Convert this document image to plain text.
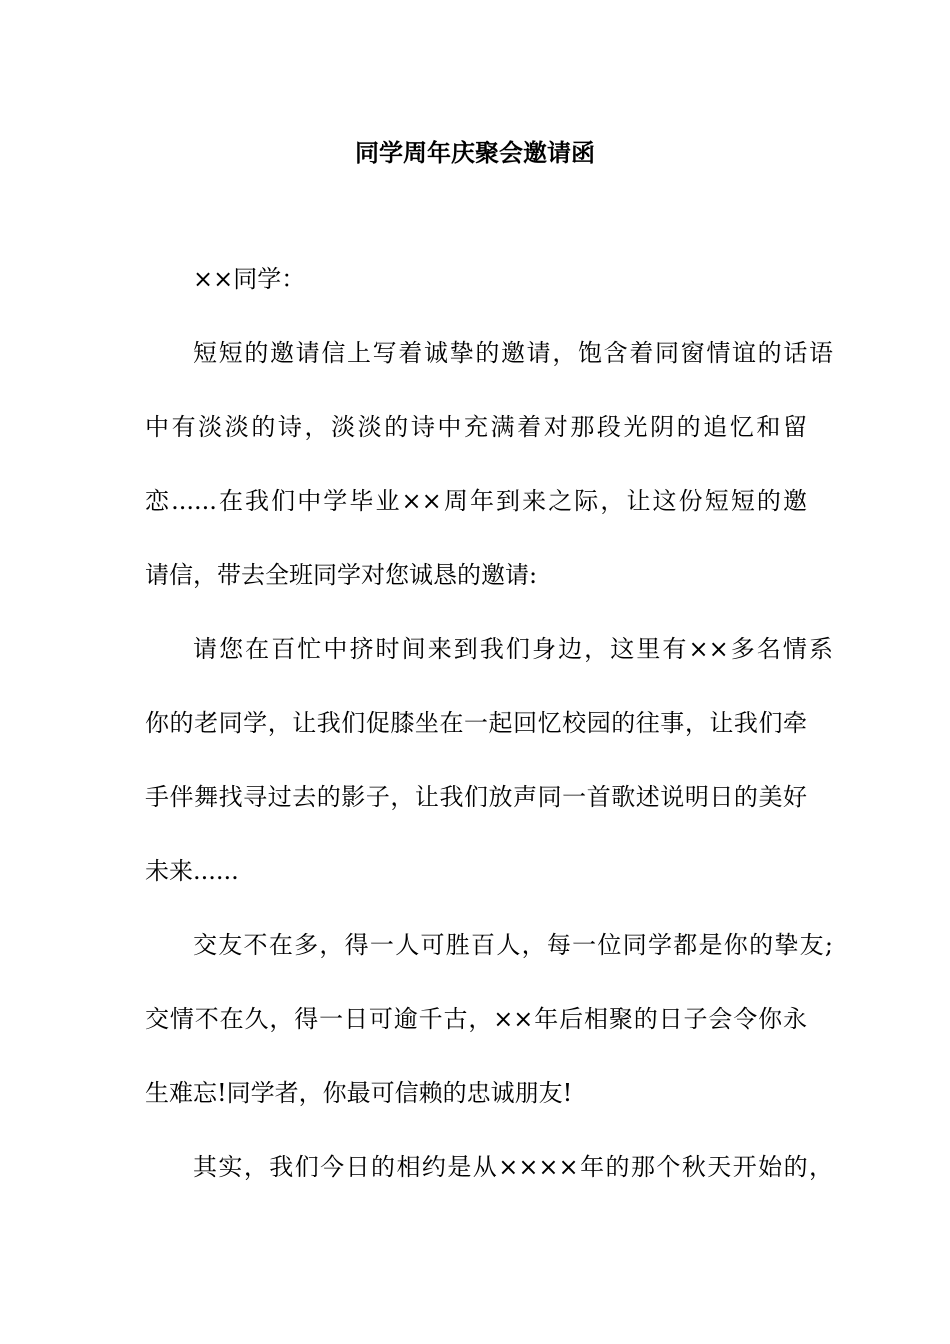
同学周年庆聚会邀请函
××同学：
短短的邀请信上写着诚挚的邀请，饱含着同窗情谊的话语
中有淡淡的诗，淡淡的诗中充满着对那段光阴的追忆和留
恋......在我们中学毕业××周年到来之际，让这份短短的邀
请信，带去全班同学对您诚恳的邀请:
请您在百忙中挤时间来到我们身边，这里有××多名情系
你的老同学，让我们促膝坐在一起回忆校园的往事，让我们牵
手伴舞找寻过去的影子，让我们放声同一首歌述说明日的美好
未来......
交友不在多，得一人可胜百人，每一位同学都是你的挚友;
交情不在久，得一日可逾千古，××年后相聚的日子会令你永
生难忘!同学者，你最可信赖的忠诚朋友!
其实，我们今日的相约是从××××年的那个秋天开始的，
